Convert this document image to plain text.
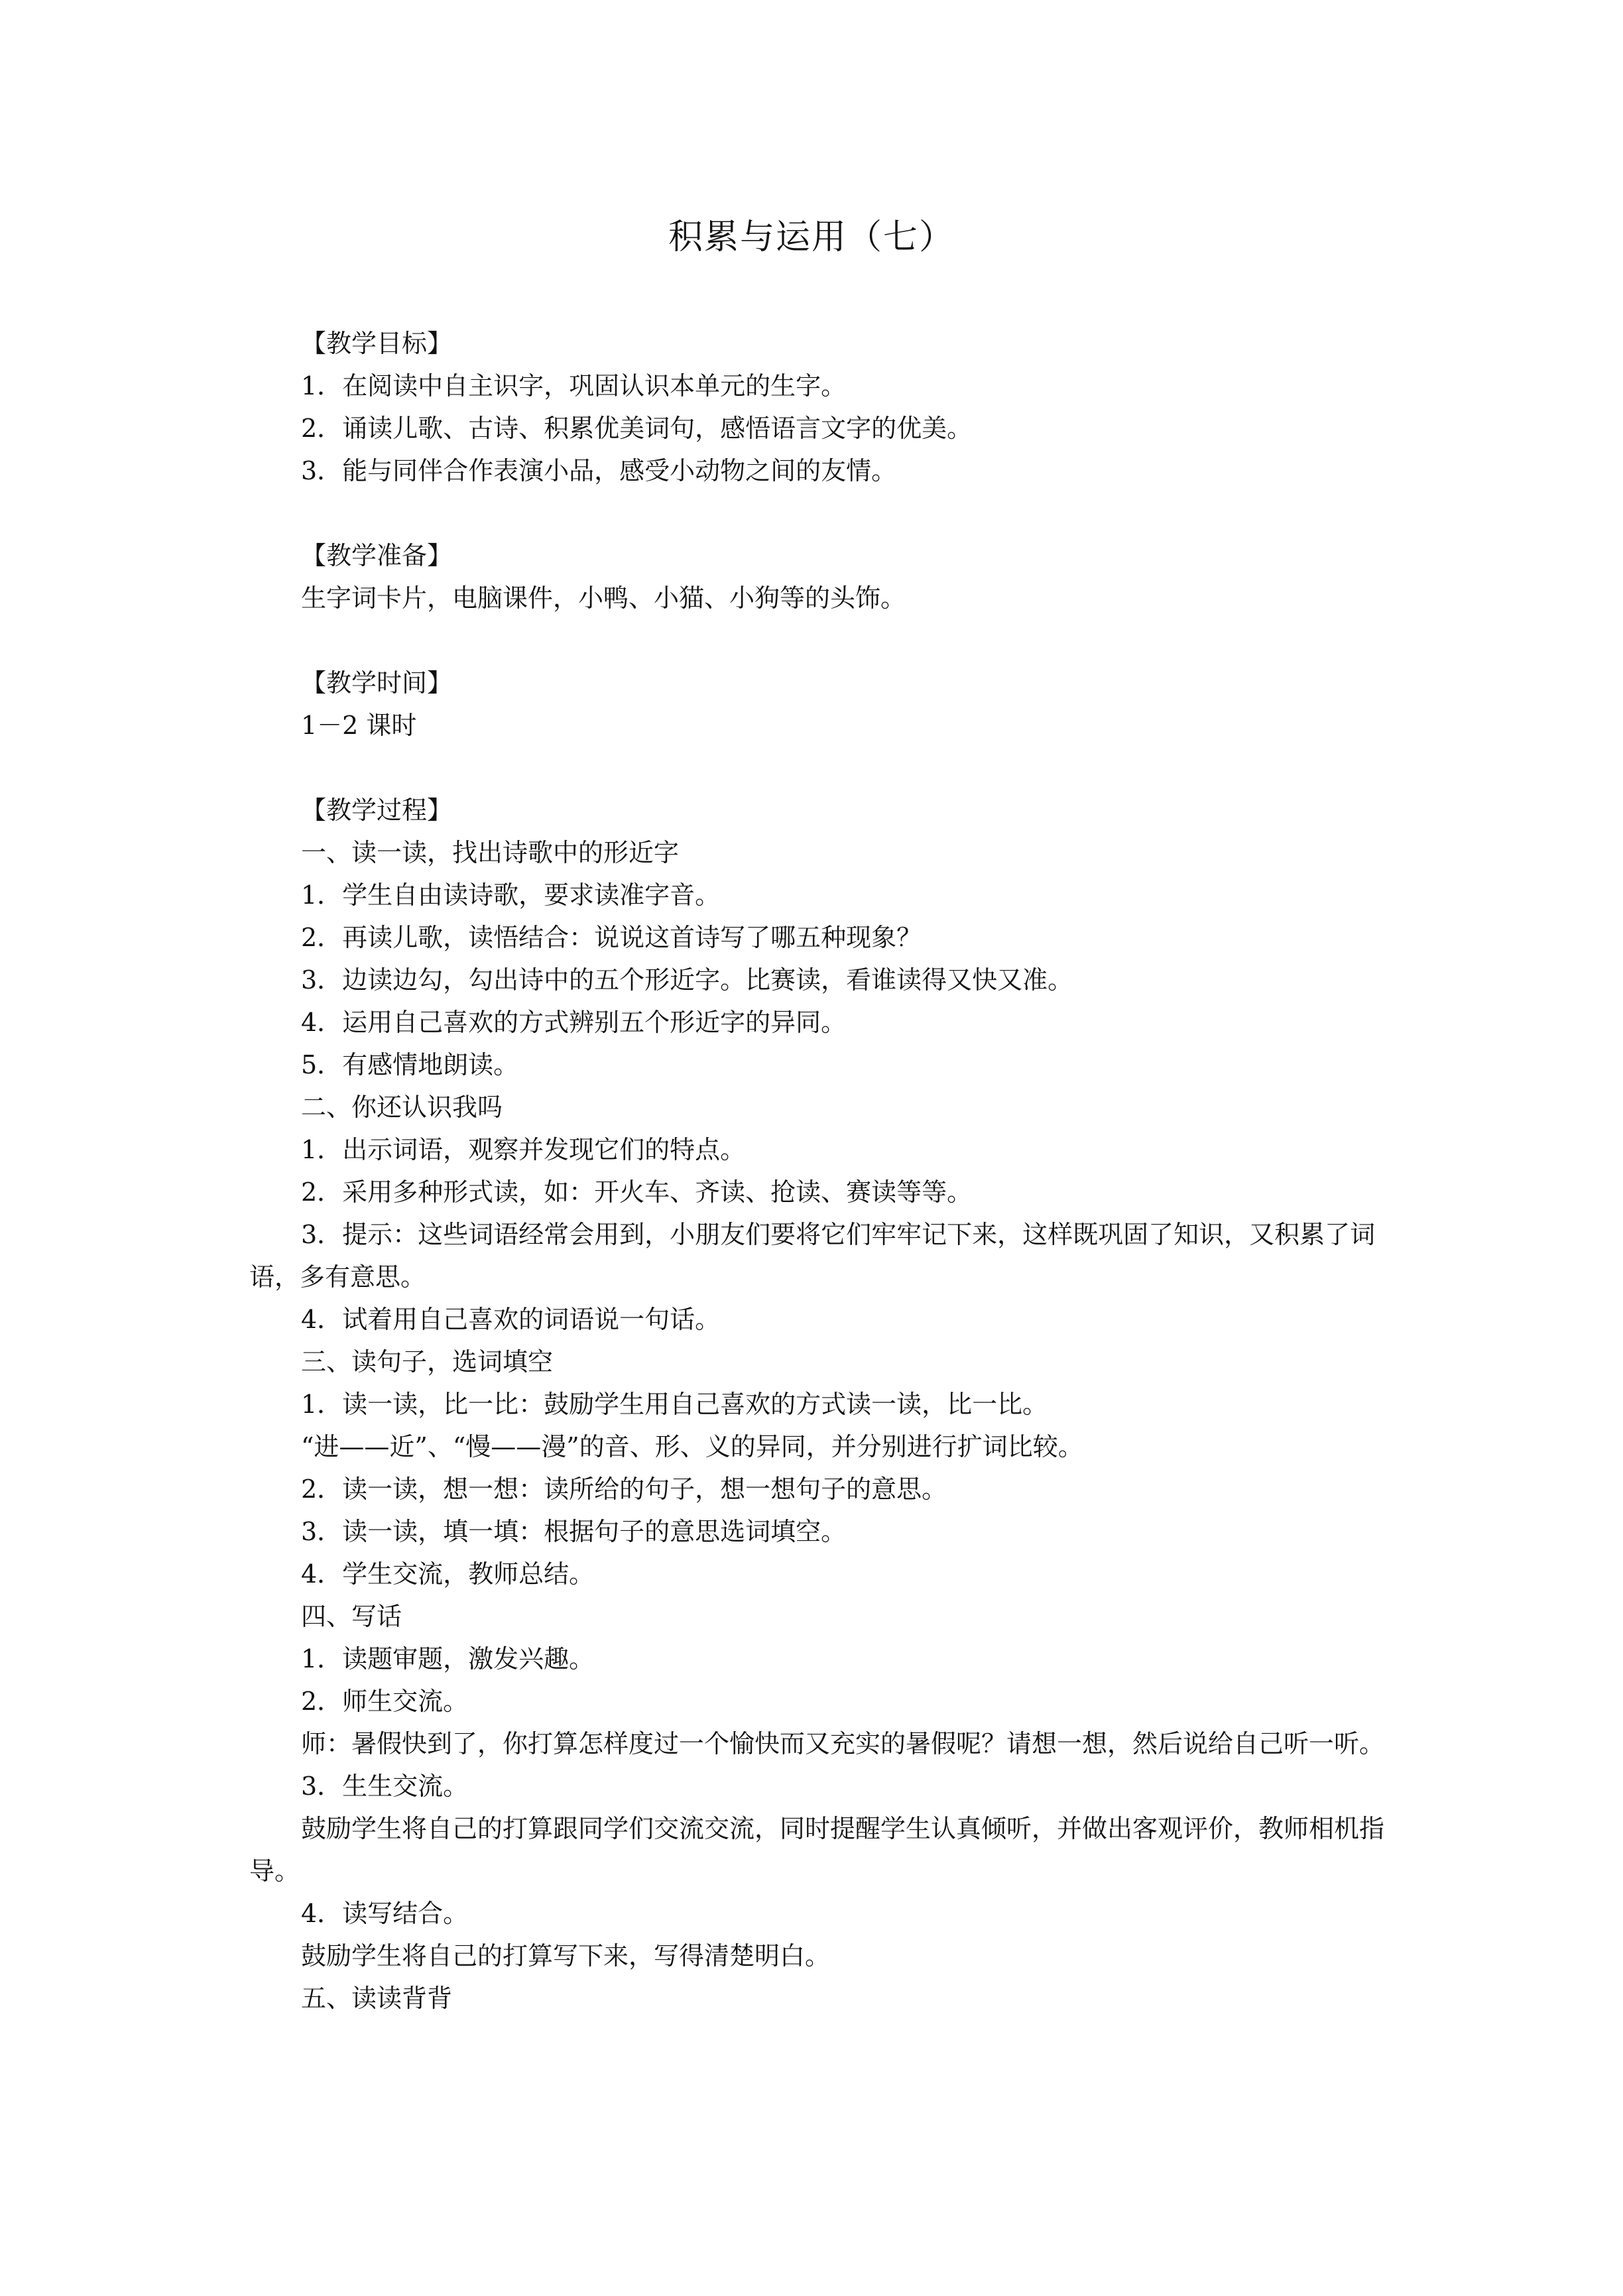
积累与运用（七）

【教学目标】

1．在阅读中自主识字，巩固认识本单元的生字。

2．诵读儿歌、古诗、积累优美词句，感悟语言文字的优美。

3．能与同伴合作表演小品，感受小动物之间的友情。

【教学准备】

生字词卡片，电脑课件，小鸭、小猫、小狗等的头饰。

【教学时间】

1－2 课时

【教学过程】

一、读一读，找出诗歌中的形近字

1．学生自由读诗歌，要求读准字音。

2．再读儿歌，读悟结合：说说这首诗写了哪五种现象？

3．边读边勾，勾出诗中的五个形近字。比赛读，看谁读得又快又准。

4．运用自己喜欢的方式辨别五个形近字的异同。

5．有感情地朗读。

二、你还认识我吗

1．出示词语，观察并发现它们的特点。

2．采用多种形式读，如：开火车、齐读、抢读、赛读等等。

3．提示：这些词语经常会用到，小朋友们要将它们牢牢记下来，这样既巩固了知识，又积累了词语，多有意思。

4．试着用自己喜欢的词语说一句话。

三、读句子，选词填空

1．读一读，比一比：鼓励学生用自己喜欢的方式读一读，比一比。

“进——近”、“慢——漫”的音、形、义的异同，并分别进行扩词比较。

2．读一读，想一想：读所给的句子，想一想句子的意思。

3．读一读，填一填：根据句子的意思选词填空。

4．学生交流，教师总结。

四、写话

1．读题审题，激发兴趣。

2．师生交流。

师：暑假快到了，你打算怎样度过一个愉快而又充实的暑假呢？请想一想，然后说给自己听一听。

3．生生交流。

鼓励学生将自己的打算跟同学们交流交流，同时提醒学生认真倾听，并做出客观评价，教师相机指导。

4．读写结合。

鼓励学生将自己的打算写下来，写得清楚明白。

五、读读背背
